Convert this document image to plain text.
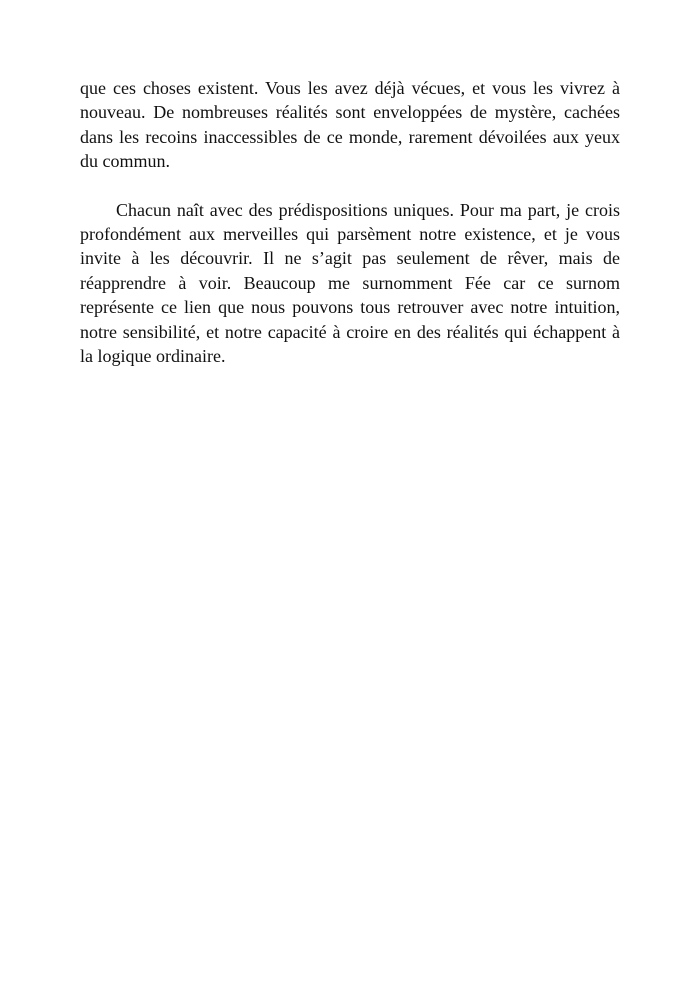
que ces choses existent. Vous les avez déjà vécues, et vous les vivrez à nouveau. De nombreuses réalités sont enveloppées de mystère, cachées dans les recoins inaccessibles de ce monde, rarement dévoilées aux yeux du commun.

Chacun naît avec des prédispositions uniques. Pour ma part, je crois profondément aux merveilles qui parsèment notre existence, et je vous invite à les découvrir. Il ne s’agit pas seulement de rêver, mais de réapprendre à voir. Beaucoup me surnomment Fée car ce surnom représente ce lien que nous pouvons tous retrouver avec notre intuition, notre sensibilité, et notre capacité à croire en des réalités qui échappent à la logique ordinaire.
